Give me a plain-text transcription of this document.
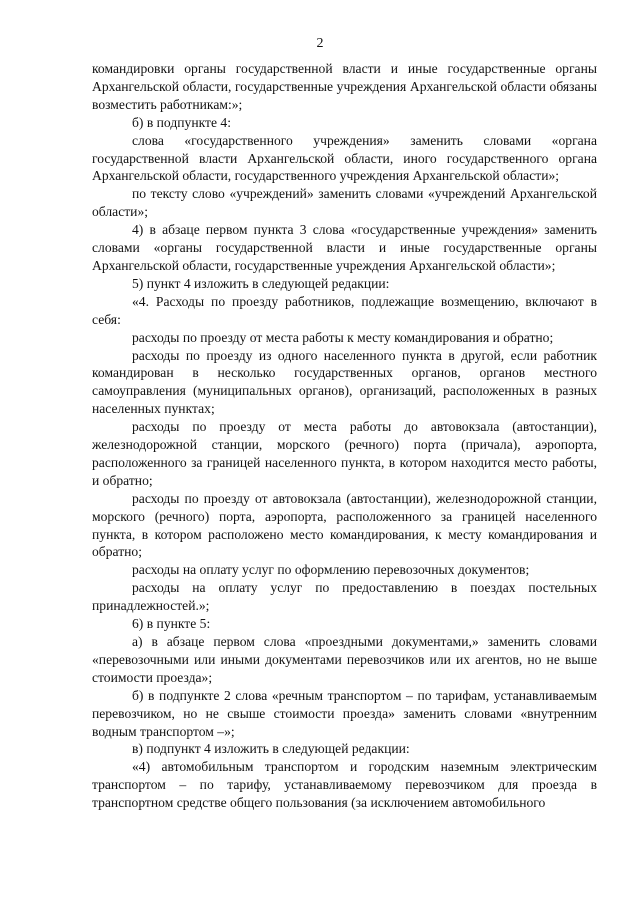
2

командировки органы государственной власти и иные государственные органы Архангельской области, государственные учреждения Архангельской области обязаны возместить работникам:»;

б) в подпункте 4:

слова «государственного учреждения» заменить словами «органа государственной власти Архангельской области, иного государственного органа Архангельской области, государственного учреждения Архангельской области»;

по тексту слово «учреждений» заменить словами «учреждений Архангельской области»;

4) в абзаце первом пункта 3 слова «государственные учреждения» заменить словами «органы государственной власти и иные государственные органы Архангельской области, государственные учреждения Архангельской области»;

5) пункт 4 изложить в следующей редакции:

«4. Расходы по проезду работников, подлежащие возмещению, включают в себя:

расходы по проезду от места работы к месту командирования и обратно;

расходы по проезду из одного населенного пункта в другой, если работник командирован в несколько государственных органов, органов местного самоуправления (муниципальных органов), организаций, расположенных в разных населенных пунктах;

расходы по проезду от места работы до автовокзала (автостанции), железнодорожной станции, морского (речного) порта (причала), аэропорта, расположенного за границей населенного пункта, в котором находится место работы, и обратно;

расходы по проезду от автовокзала (автостанции), железнодорожной станции, морского (речного) порта, аэропорта, расположенного за границей населенного пункта, в котором расположено место командирования, к месту командирования и обратно;

расходы на оплату услуг по оформлению перевозочных документов;

расходы на оплату услуг по предоставлению в поездах постельных принадлежностей.»;

6) в пункте 5:

а) в абзаце первом слова «проездными документами,» заменить словами «перевозочными или иными документами перевозчиков или их агентов, но не выше стоимости проезда»;

б) в подпункте 2 слова «речным транспортом – по тарифам, устанавливаемым перевозчиком, но не свыше стоимости проезда» заменить словами «внутренним водным транспортом –»;

в) подпункт 4 изложить в следующей редакции:

«4) автомобильным транспортом и городским наземным электрическим транспортом – по тарифу, устанавливаемому перевозчиком для проезда в транспортном средстве общего пользования (за исключением автомобильного
